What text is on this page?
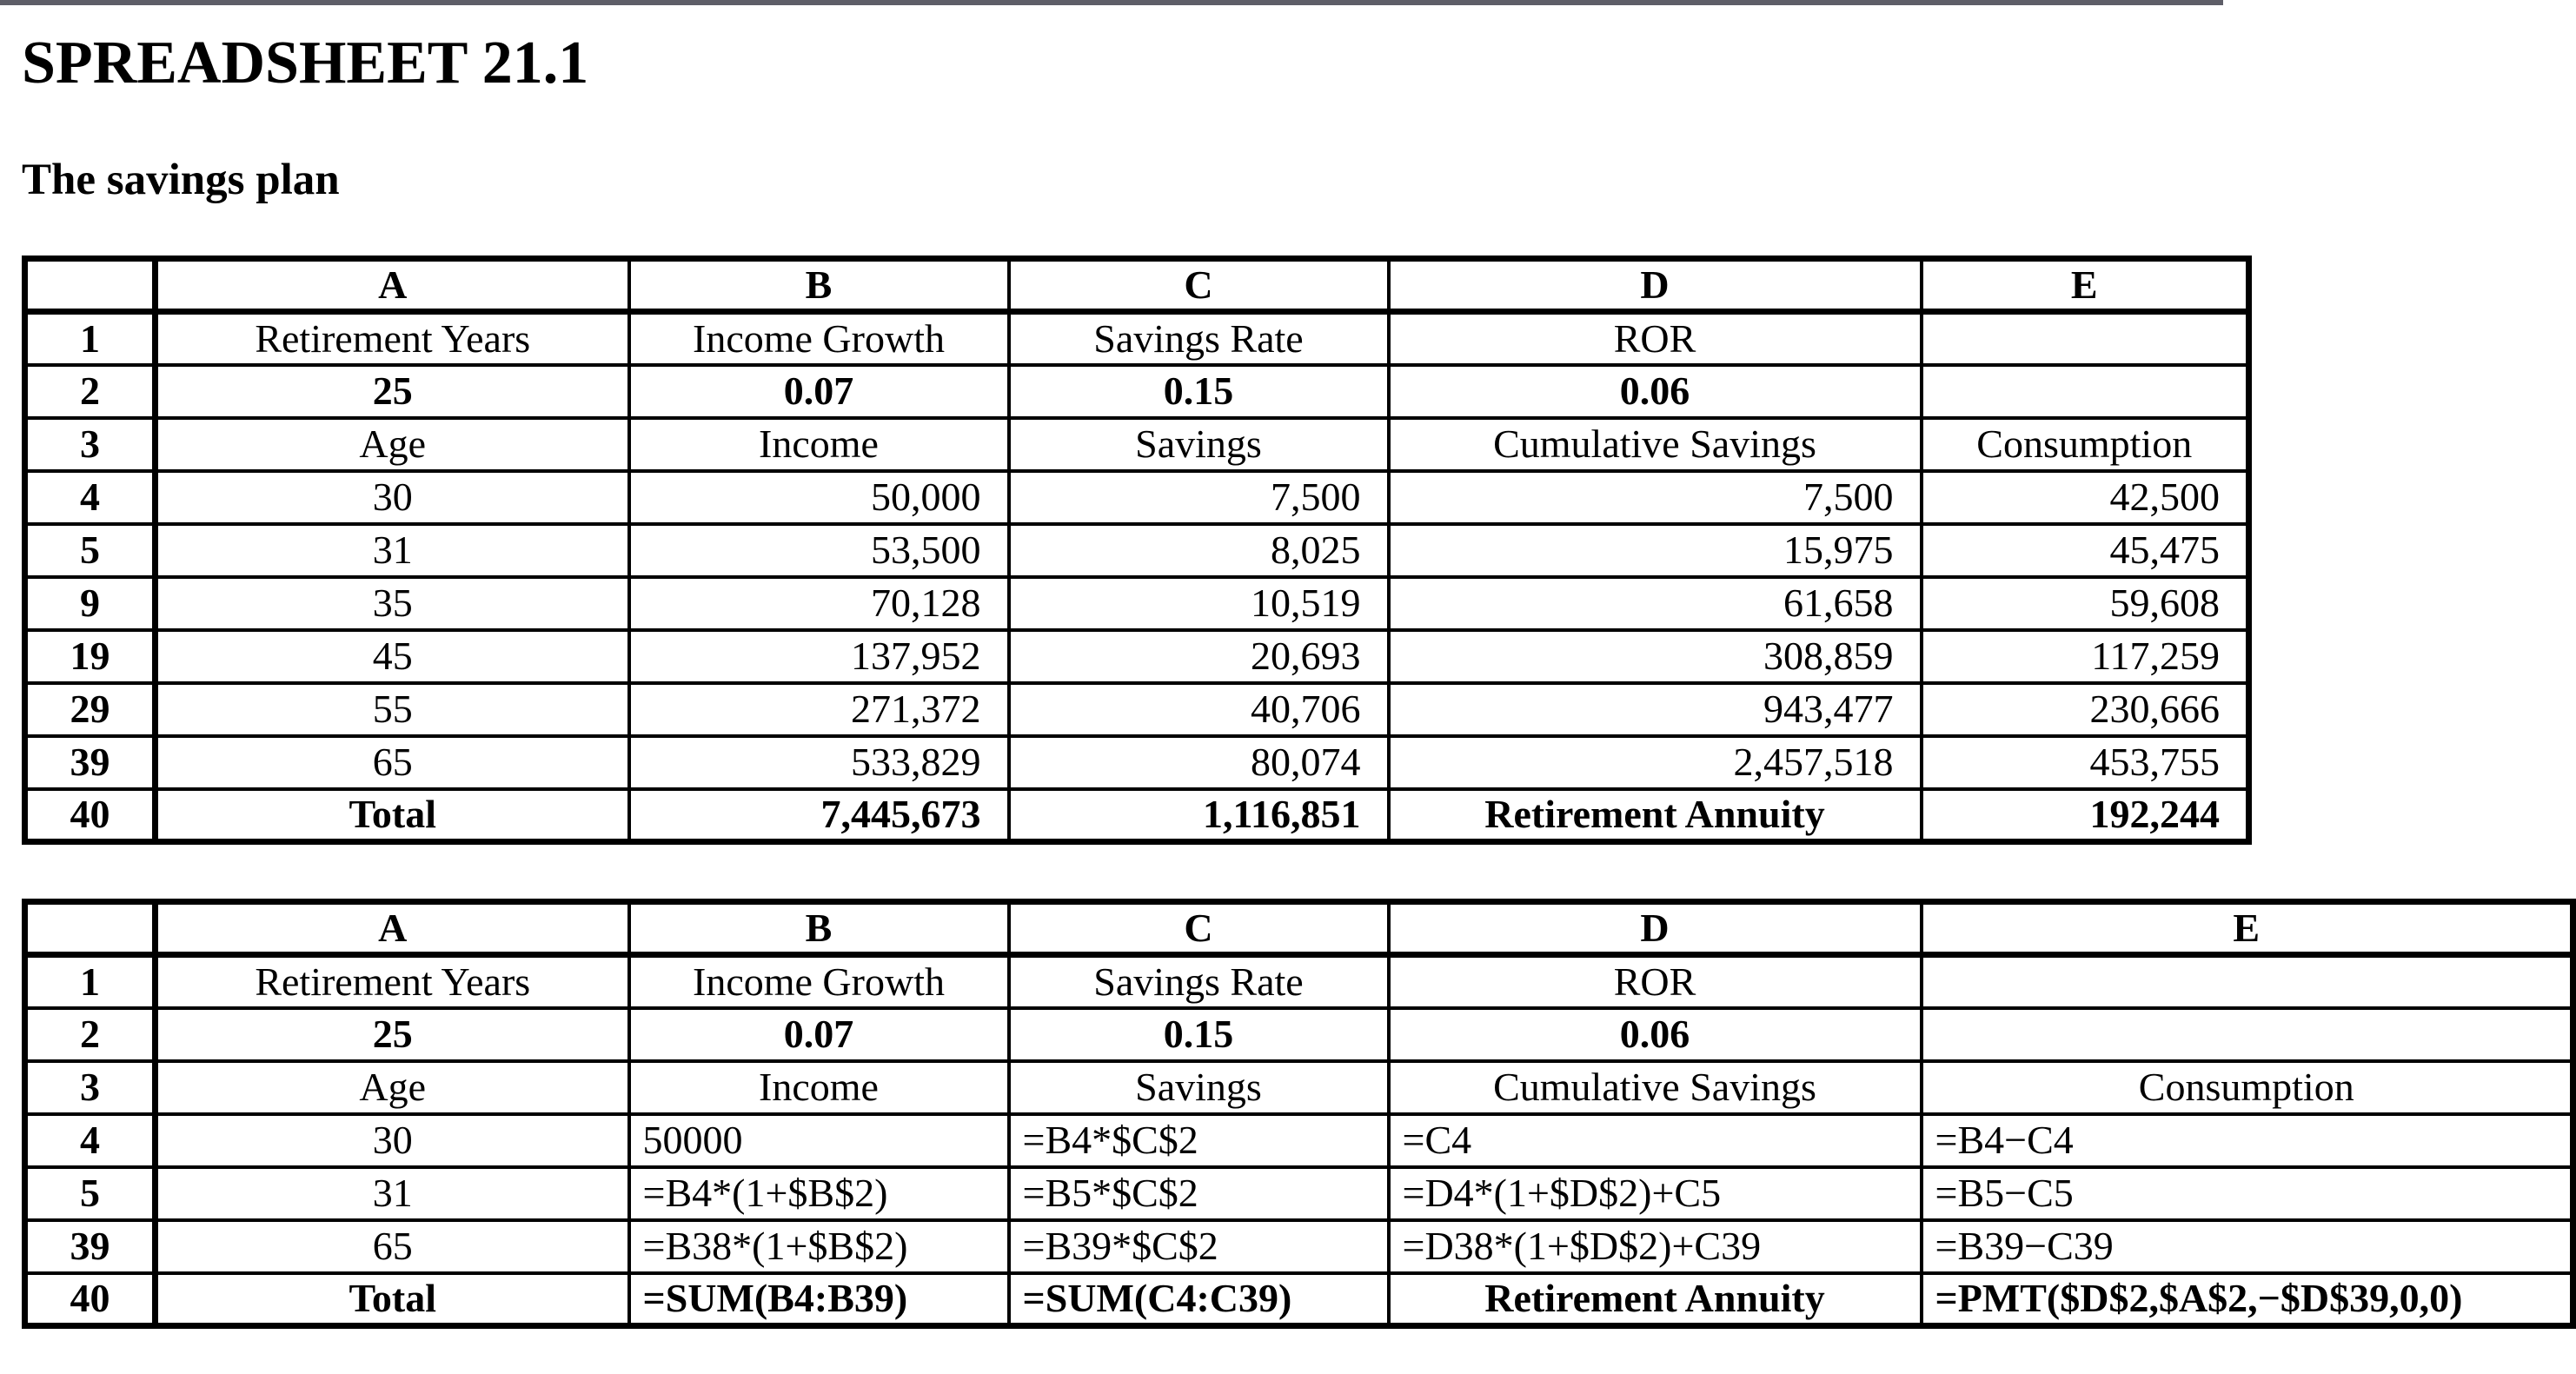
SPREADSHEET 21.1
The savings plan
	A	B	C	D	E
1	Retirement Years	Income Growth	Savings Rate	ROR	
2	25	0.07	0.15	0.06	
3	Age	Income	Savings	Cumulative Savings	Consumption
4	30	50,000	7,500	7,500	42,500
5	31	53,500	8,025	15,975	45,475
9	35	70,128	10,519	61,658	59,608
19	45	137,952	20,693	308,859	117,259
29	55	271,372	40,706	943,477	230,666
39	65	533,829	80,074	2,457,518	453,755
40	Total	7,445,673	1,116,851	Retirement Annuity	192,244
	A	B	C	D	E
1	Retirement Years	Income Growth	Savings Rate	ROR	
2	25	0.07	0.15	0.06	
3	Age	Income	Savings	Cumulative Savings	Consumption
4	30	50000	=B4*$C$2	=C4	=B4−C4
5	31	=B4*(1+$B$2)	=B5*$C$2	=D4*(1+$D$2)+C5	=B5−C5
39	65	=B38*(1+$B$2)	=B39*$C$2	=D38*(1+$D$2)+C39	=B39−C39
40	Total	=SUM(B4:B39)	=SUM(C4:C39)	Retirement Annuity	=PMT($D$2,$A$2,−$D$39,0,0)
